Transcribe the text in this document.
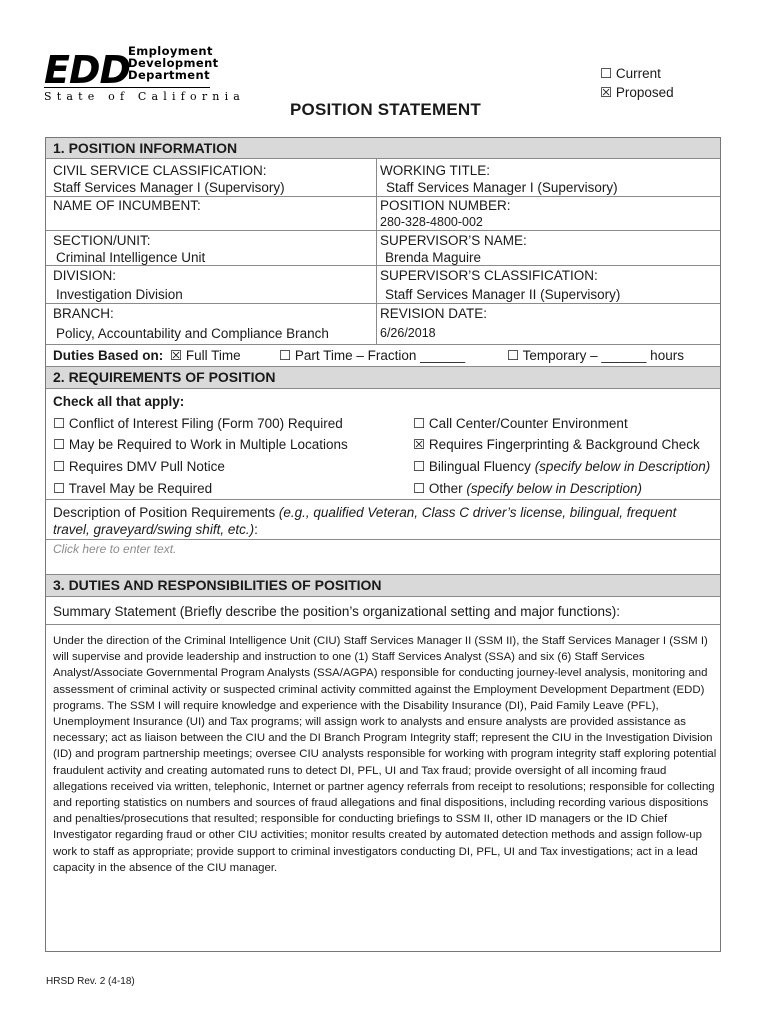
EDD
Employment
Development
Department
State of California
☐ Current
☒ Proposed
POSITION STATEMENT
1. POSITION INFORMATION
CIVIL SERVICE CLASSIFICATION:
Staff Services Manager I (Supervisory)
WORKING TITLE:
Staff Services Manager I (Supervisory)
NAME OF INCUMBENT:	POSITION NUMBER:
280-328-4800-002
SECTION/UNIT:
Criminal Intelligence Unit
SUPERVISOR’S NAME:
Brenda Maguire
DIVISION:
Investigation Division
SUPERVISOR’S CLASSIFICATION:
Staff Services Manager II (Supervisory)
BRANCH:
Policy, Accountability and Compliance Branch
REVISION DATE:
6/26/2018
Duties Based on: ☒ Full Time	☐ Part Time – Fraction ______	☐ Temporary – ______ hours
2. REQUIREMENTS OF POSITION
Check all that apply:
☐ Conflict of Interest Filing (Form 700) Required
☐ May be Required to Work in Multiple Locations
☐ Requires DMV Pull Notice
☐ Travel May be Required
☐ Call Center/Counter Environment
☒ Requires Fingerprinting & Background Check
☐ Bilingual Fluency (specify below in Description)
☐ Other (specify below in Description)
Description of Position Requirements (e.g., qualified Veteran, Class C driver’s license, bilingual, frequent
travel, graveyard/swing shift, etc.):
Click here to enter text.
3. DUTIES AND RESPONSIBILITIES OF POSITION
Summary Statement (Briefly describe the position’s organizational setting and major functions):
Under the direction of the Criminal Intelligence Unit (CIU) Staff Services Manager II (SSM II), the Staff Services Manager I (SSM I) will supervise and provide leadership and instruction to one (1) Staff Services Analyst (SSA) and six (6) Staff Services Analyst/Associate Governmental Program Analysts (SSA/AGPA) responsible for conducting journey-level analysis, monitoring and assessment of criminal activity or suspected criminal activity committed against the Employment Development Department (EDD) programs. The SSM I will require knowledge and experience with the Disability Insurance (DI), Paid Family Leave (PFL), Unemployment Insurance (UI) and Tax programs; will assign work to analysts and ensure analysts are provided assistance as necessary; act as liaison between the CIU and the DI Branch Program Integrity staff; represent the CIU in the Investigation Division (ID) and program partnership meetings; oversee CIU analysts responsible for working with program integrity staff exploring potential fraudulent activity and creating automated runs to detect DI, PFL, UI and Tax fraud; provide oversight of all incoming fraud allegations received via written, telephonic, Internet or partner agency referrals from receipt to resolutions; responsible for collecting and reporting statistics on numbers and sources of fraud allegations and final dispositions, including recording various dispositions and penalties/prosecutions that resulted; responsible for conducting briefings to SSM II, other ID managers or the ID Chief Investigator regarding fraud or other CIU activities; monitor results created by automated detection methods and assign follow-up work to staff as appropriate; provide support to criminal investigators conducting DI, PFL, UI and Tax investigations; act in a lead capacity in the absence of the CIU manager.
HRSD Rev. 2 (4-18)
